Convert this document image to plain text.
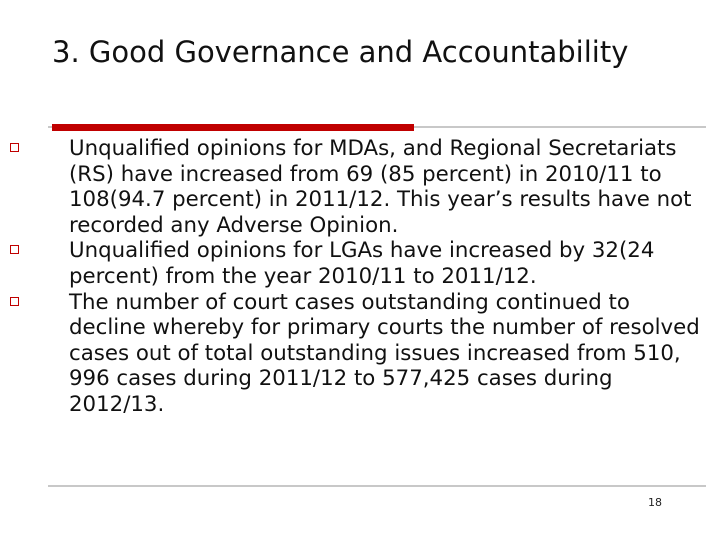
3. Good Governance and Accountability
Unqualified opinions for MDAs, and Regional Secretariats (RS) have increased from 69 (85 percent) in 2010/11 to 108(94.7 percent) in 2011/12. This year’s results have not recorded any Adverse Opinion.
Unqualified opinions for LGAs have increased by 32(24 percent) from the year 2010/11 to 2011/12.
The number of court cases outstanding continued to decline whereby for primary courts the number of resolved cases out of total outstanding issues increased from 510, 996 cases during 2011/12 to 577,425 cases during 2012/13.
18
